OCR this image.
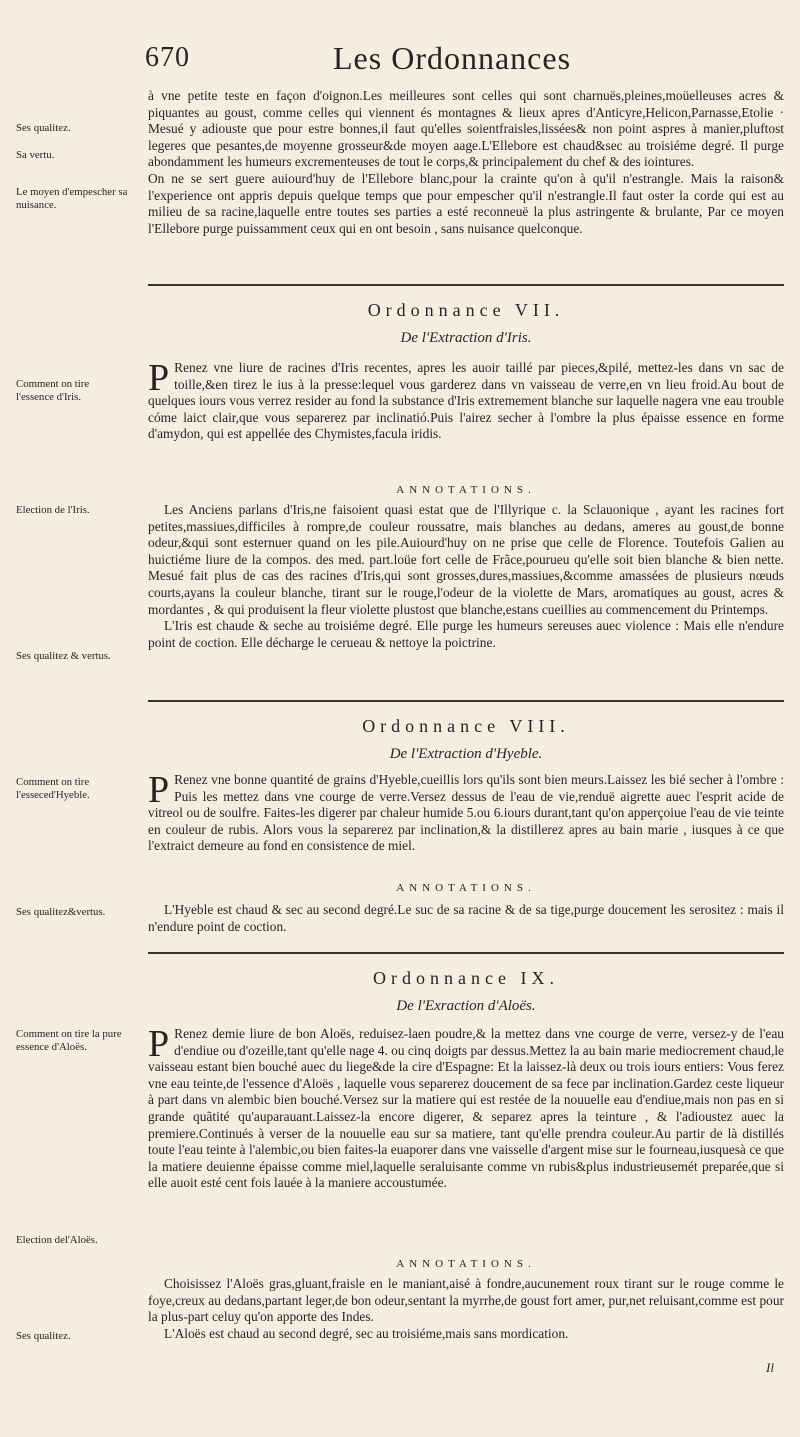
670	Les Ordonnances

à vne petite teste en façon d'oignon.Les meilleures sont celles qui sont charnuës,pleines,moüelleuses acres & piquantes au goust, comme celles qui viennent és montagnes & lieux apres d'Anticyre,Helicon,Parnasse,Etolie · Mesué y adiouste que pour estre bonnes,il faut qu'elles soientfraisles,lissées& non point aspres à manier,pluftost legeres que pesantes,de moyenne grosseur&de moyen aage.L'Ellebore est chaud&sec au troisiéme degré. Il purge abondamment les humeurs excrementeuses de tout le corps,& principalement du chef & des iointures.

On ne se sert guere auiourd'huy de l'Ellebore blanc,pour la crainte qu'on à qu'il n'estrangle. Mais la raison& l'experience ont appris depuis quelque temps que pour empescher qu'il n'estrangle.Il faut oster la corde qui est au milieu de sa racine,laquelle entre toutes ses parties a esté reconneuë la plus astringente & brulante, Par ce moyen l'Ellebore purge puissamment ceux qui en ont besoin , sans nuisance quelconque.

Ses qualitez.
Sa vertu.
Le moyen d'empescher sa nuisance.
Ordonnance VII.
De l'Extraction d'Iris.

P Renez vne liure de racines d'Iris recentes, apres les auoir taillé par pieces,&pilé, mettez-les dans vn sac de toille,&en tirez le ius à la presse:lequel vous garderez dans vn vaisseau de verre,en vn lieu froid.Au bout de quelques iours vous verrez resider au fond la substance d'Iris extremement blanche sur laquelle nagera vne eau trouble cóme laict clair,que vous separerez par inclinatió.Puis l'airez secher à l'ombre la plus épaisse essence en forme d'amydon, qui est appellée des Chymistes,facula iridis.

Comment on tire l'essence d'Iris.
ANNOTATIONS.

Les Anciens parlans d'Iris,ne faisoient quasi estat que de l'Illyrique c. la Sclauonique , ayant les racines fort petites,massiues,difficiles à rompre,de couleur roussatre, mais blanches au dedans, ameres au goust,de bonne odeur,&qui sont esternuer quand on les pile.Auiourd'huy on ne prise que celle de Florence. Toutefois Galien au huictiéme liure de la compos. des med. part.loüe fort celle de Frãce,pourueu qu'elle soit bien blanche & bien nette. Mesué fait plus de cas des racines d'Iris,qui sont grosses,dures,massiues,&comme amassées de plusieurs nœuds courts,ayans la couleur blanche, tirant sur le rouge,l'odeur de la violette de Mars, aromatiques au goust, acres & mordantes , & qui produisent la fleur violette plustost que blanche,estans cueillies au commencement du Printemps.

L'Iris est chaude & seche au troisiéme degré. Elle purge les humeurs sereuses auec violence : Mais elle n'endure point de coction. Elle décharge le cerueau & nettoye la poictrine.

Election de l'Iris.
Ses qualitez & vertus.
Ordonnance VIII.
De l'Extraction d'Hyeble.

P Renez vne bonne quantité de grains d'Hyeble,cueillis lors qu'ils sont bien meurs.Laissez les bié secher à l'ombre : Puis les mettez dans vne courge de verre.Versez dessus de l'eau de vie,renduë aigrette auec l'esprit acide de vitreol ou de soulfre. Faites-les digerer par chaleur humide 5.ou 6.iours durant,tant qu'on apperçoiue l'eau de vie teinte en couleur de rubis. Alors vous la separerez par inclination,& la distillerez apres au bain marie , iusques à ce que l'extraict demeure au fond en consistence de miel.

Comment on tire l'esseced'Hyeble.
ANNOTATIONS.

L'Hyeble est chaud & sec au second degré.Le suc de sa racine & de sa tige,purge doucement les serositez : mais il n'endure point de coction.

Ses qualitez&vertus.
Ordonnance IX.
De l'Exraction d'Aloës.

P Renez demie liure de bon Aloës, reduisez-laen poudre,& la mettez dans vne courge de verre, versez-y de l'eau d'endiue ou d'ozeille,tant qu'elle nage 4. ou cinq doigts par dessus.Mettez la au bain marie mediocrement chaud,le vaisseau estant bien bouché auec du liege&de la cire d'Espagne: Et la laissez-là deux ou trois iours entiers: Vous ferez vne eau teinte,de l'essence d'Aloës , laquelle vous separerez doucement de sa fece par inclination.Gardez ceste liqueur à part dans vn alembic bien bouché.Versez sur la matiere qui est restée de la nouuelle eau d'endiue,mais non pas en si grande quãtité qu'auparauant.Laissez-la encore digerer, & separez apres la teinture , & l'adioustez auec la premiere.Continués à verser de la nouuelle eau sur sa matiere, tant qu'elle prendra couleur.Au partir de là distillés toute l'eau teinte à l'alembic,ou bien faites-la euaporer dans vne vaisselle d'argent mise sur le fourneau,iusquesà ce que la matiere deuienne épaisse comme miel,laquelle seraluisante comme vn rubis&plus industrieusemét preparée,que si elle auoit esté cent fois lauée à la maniere accoustumée.

Comment on tire la pure essence d'Aloës.
ANNOTATIONS.

Choisissez l'Aloës gras,gluant,fraisle en le maniant,aisé à fondre,aucunement roux tirant sur le rouge comme le foye,creux au dedans,partant leger,de bon odeur,sentant la myrrhe,de goust fort amer, pur,net reluisant,comme est pour la plus-part celuy qu'on apporte des Indes.

L'Aloës est chaud au second degré, sec au troisiéme,mais sans mordication.

Election del'Aloës.
Ses qualitez.
Il
